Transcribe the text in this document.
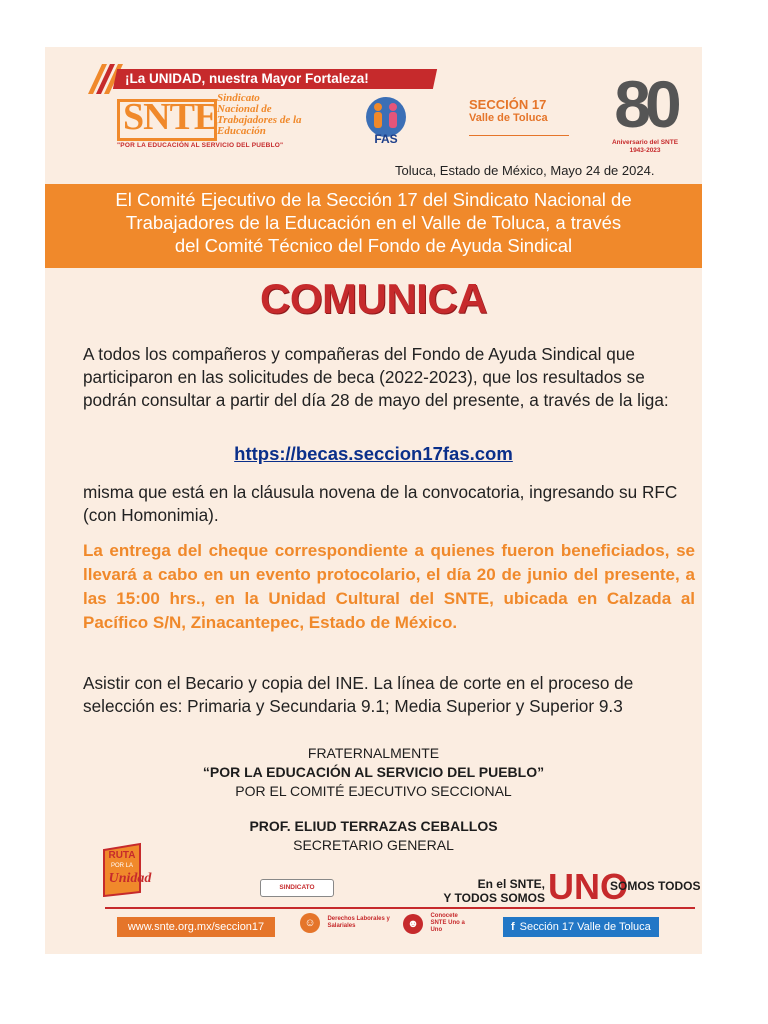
¡La UNIDAD, nuestra Mayor Fortaleza!
SNTE
Sindicato
Nacional de
Trabajadores de la
Educación
"POR LA EDUCACIÓN AL SERVICIO DEL PUEBLO"	FAS
SECCIÓN 17
Valle de Toluca	80
Aniversario del SNTE
1943-2023
Toluca, Estado de México, Mayo 24 de 2024.
El Comité Ejecutivo de la Sección 17 del Sindicato Nacional de
Trabajadores de la Educación en el Valle de Toluca, a través
del Comité Técnico del Fondo de Ayuda Sindical
COMUNICA
A todos los compañeros y compañeras del Fondo de Ayuda Sindical que participaron en las solicitudes de beca (2022-2023), que los resultados se podrán consultar a partir del día 28 de mayo del presente, a través de la liga:
https://becas.seccion17fas.com
misma que está en la cláusula novena de la convocatoria, ingresando su RFC (con Homonimia).
La entrega del cheque correspondiente a quienes fueron beneficiados, se llevará a cabo en un evento protocolario, el día 20 de junio del presente, a las 15:00 hrs., en la Unidad Cultural del SNTE, ubicada en Calzada al Pacífico S/N, Zinacantepec, Estado de México.
Asistir con el Becario y copia del INE. La línea de corte en el proceso de selección es: Primaria y Secundaria 9.1; Media Superior y Superior 9.3
FRATERNALMENTE
“POR LA EDUCACIÓN AL SERVICIO DEL PUEBLO”
POR EL COMITÉ EJECUTIVO SECCIONAL
PROF. ELIUD TERRAZAS CEBALLOS
SECRETARIO GENERAL
RUTA
POR LA
Unidad
SINDICATO	En el SNTE,
Y TODOS SOMOS UNO
SOMOS TODOS
www.snte.org.mx/seccion17	☺ Derechos Laborales y Salariales	☻ Conocete SNTE Uno a Uno	f Sección 17 Valle de Toluca
